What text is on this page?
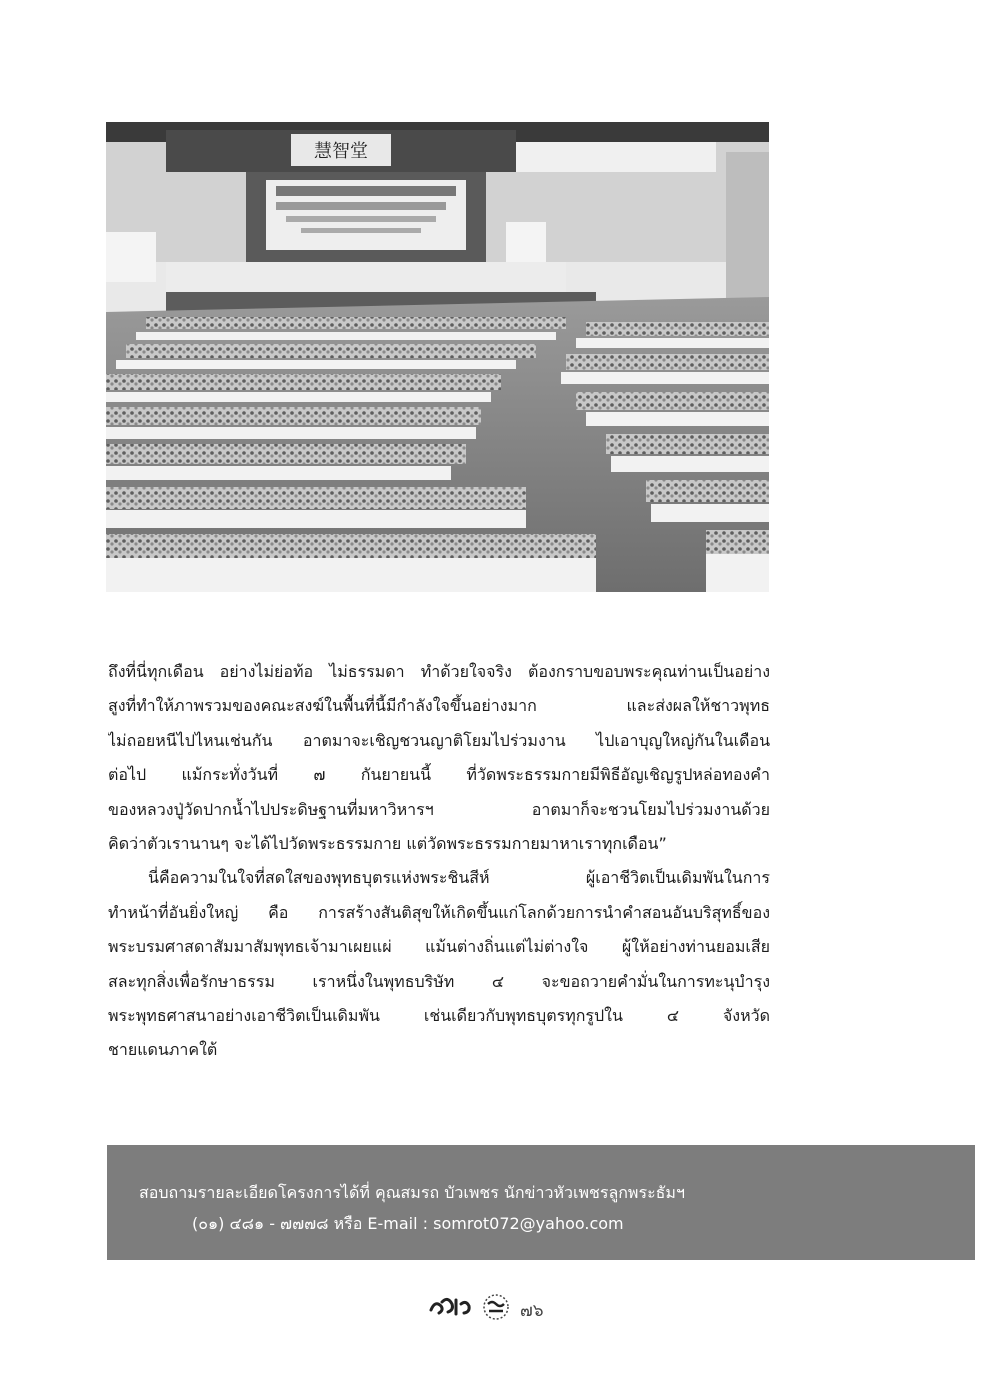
慧智堂
ถึงที่นี่ทุกเดือน อย่างไม่ย่อท้อ ไม่ธรรมดา ทำด้วยใจจริง ต้องกราบขอบพระคุณท่านเป็นอย่าง
สูงที่ทำให้ภาพรวมของคณะสงฆ์ในพื้นที่นี้มีกำลังใจขึ้นอย่างมาก และส่งผลให้ชาวพุทธ
ไม่ถอยหนีไปไหนเช่นกัน อาตมาจะเชิญชวนญาติโยมไปร่วมงาน ไปเอาบุญใหญ่กันในเดือน
ต่อไป แม้กระทั่งวันที่ ๗ กันยายนนี้ ที่วัดพระธรรมกายมีพิธีอัญเชิญรูปหล่อทองคำ
ของหลวงปู่วัดปากน้ำไปประดิษฐานที่มหาวิหารฯ อาตมาก็จะชวนโยมไปร่วมงานด้วย
คิดว่าตัวเรานานๆ จะได้ไปวัดพระธรรมกาย แต่วัดพระธรรมกายมาหาเราทุกเดือน”
นี่คือความในใจที่สดใสของพุทธบุตรแห่งพระชินสีห์ ผู้เอาชีวิตเป็นเดิมพันในการ
ทำหน้าที่อันยิ่งใหญ่ คือ การสร้างสันติสุขให้เกิดขึ้นแก่โลกด้วยการนำคำสอนอันบริสุทธิ์ของ
พระบรมศาสดาสัมมาสัมพุทธเจ้ามาเผยแผ่ แม้นต่างถิ่นแต่ไม่ต่างใจ ผู้ให้อย่างท่านยอมเสีย
สละทุกสิ่งเพื่อรักษาธรรม เราหนึ่งในพุทธบริษัท ๔ จะขอถวายคำมั่นในการทะนุบำรุง
พระพุทธศาสนาอย่างเอาชีวิตเป็นเดิมพัน เช่นเดียวกับพุทธบุตรทุกรูปใน ๔ จังหวัด
ชายแดนภาคใต้
สอบถามรายละเอียดโครงการได้ที่ คุณสมรถ บัวเพชร นักข่าวหัวเพชรลูกพระธัมฯ
(๐๑) ๔๘๑ - ๗๗๗๘ หรือ E-mail : somrot072@yahoo.com
๗๖
